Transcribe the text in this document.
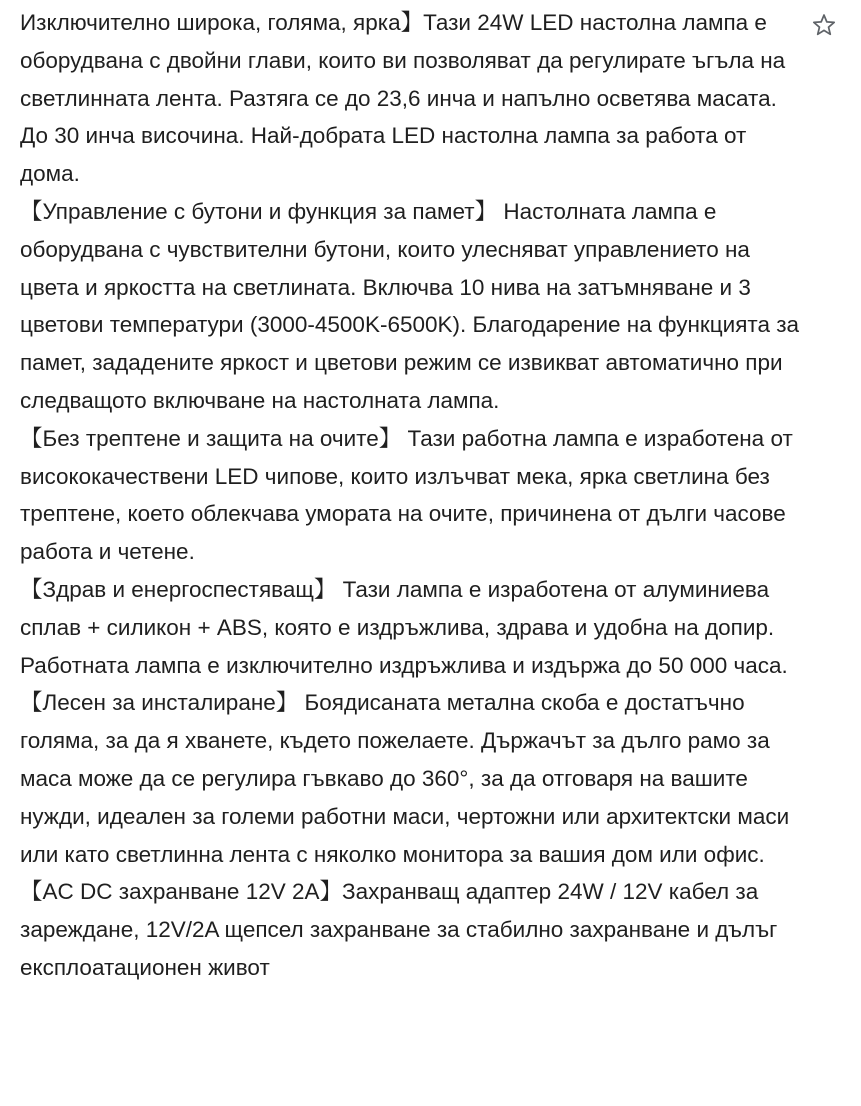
Изключително широка, голяма, ярка】Тази 24W LED настолна лампа е оборудвана с двойни глави, които ви позволяват да регулирате ъгъла на светлинната лента. Разтяга се до 23,6 инча и напълно осветява масата. До 30 инча височина. Най-добрата LED настолна лампа за работа от дома.
【Управление с бутони и функция за памет】 Настолната лампа е оборудвана с чувствителни бутони, които улесняват управлението на цвета и яркостта на светлината. Включва 10 нива на затъмняване и 3 цветови температури (3000-4500K-6500K). Благодарение на функцията за памет, зададените яркост и цветови режим се извикват автоматично при следващото включване на настолната лампа.
【Без трептене и защита на очите】 Тази работна лампа е изработена от висококачествени LED чипове, които излъчват мека, ярка светлина без трептене, което облекчава умората на очите, причинена от дълги часове работа и четене.
【Здрав и енергоспестяващ】 Тази лампа е изработена от алуминиева сплав + силикон + ABS, която е издръжлива, здрава и удобна на допир. Работната лампа е изключително издръжлива и издържа до 50 000 часа.
【Лесен за инсталиране】 Боядисаната метална скоба е достатъчно голяма, за да я хванете, където пожелаете. Държачът за дълго рамо за маса може да се регулира гъвкаво до 360°, за да отговаря на вашите нужди, идеален за големи работни маси, чертожни или архитектски маси или като светлинна лента с няколко монитора за вашия дом или офис.
【AC DC захранване 12V 2A】Захранващ адаптер 24W / 12V кабел за зареждане, 12V/2A щепсел захранване за стабилно захранване и дълъг експлоатационен живот
